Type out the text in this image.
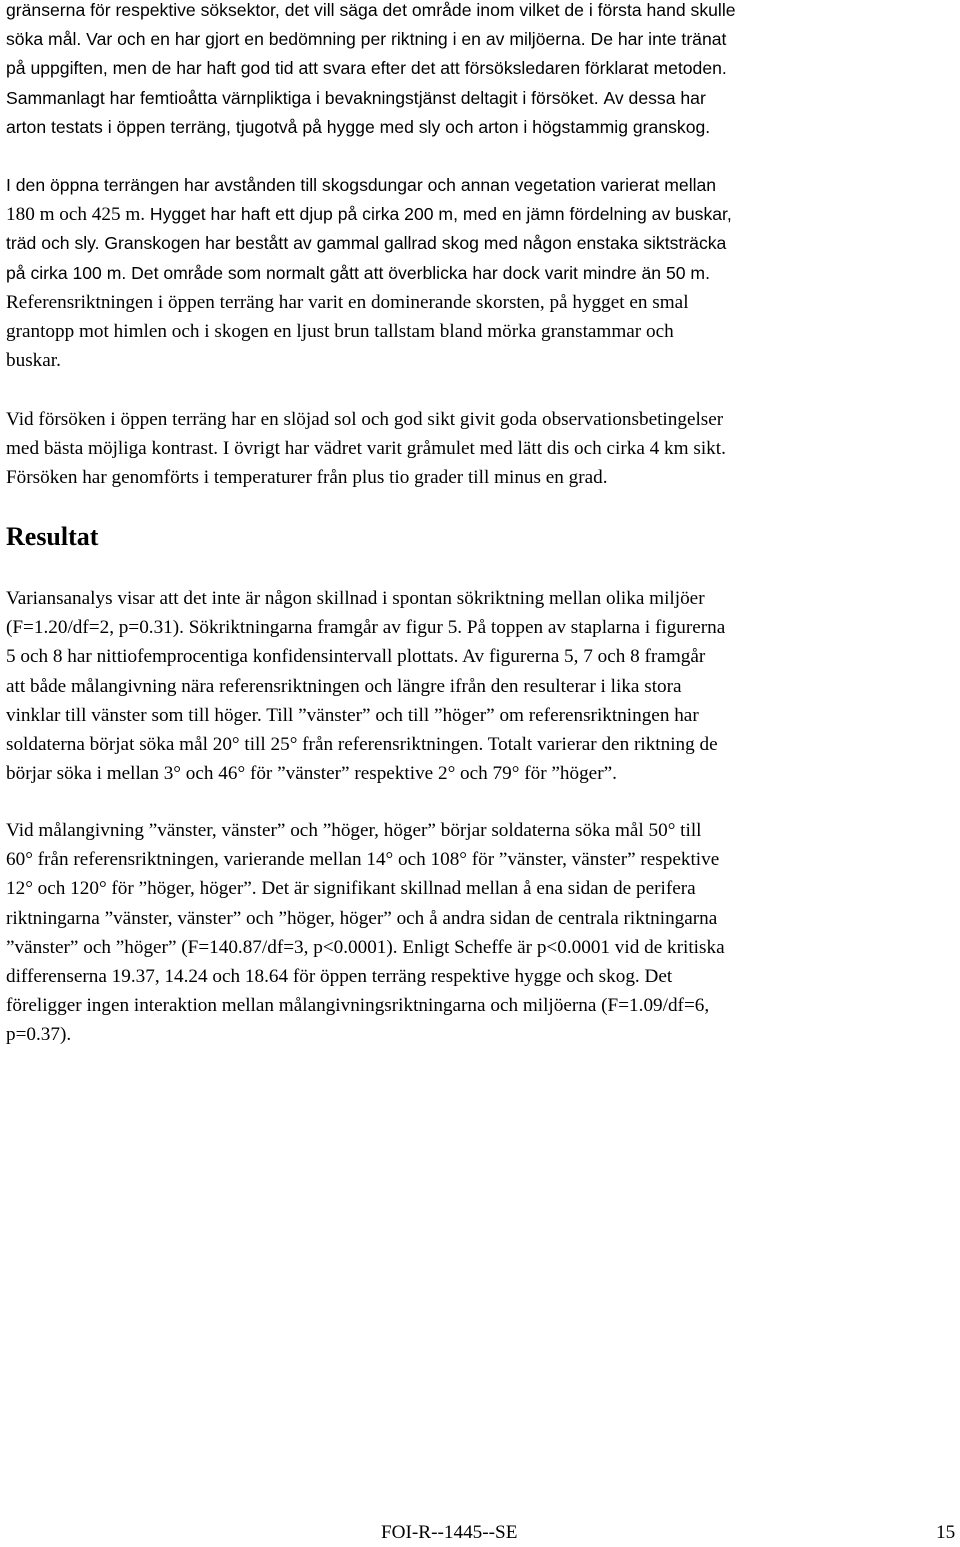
gränserna för respektive söksektor, det vill säga det område inom vilket de i första hand skulle
söka mål. Var och en har gjort en bedömning per riktning i en av miljöerna. De har inte tränat
på uppgiften, men de har haft god tid att svara efter det att försöksledaren förklarat metoden.
Sammanlagt har femtioåtta värnpliktiga i bevakningstjänst deltagit i försöket. Av dessa har
arton testats i öppen terräng, tjugotvå på hygge med sly och arton i högstammig granskog.
I den öppna terrängen har avstånden till skogsdungar och annan vegetation varierat mellan
180 m och 425 m. Hygget har haft ett djup på cirka 200 m, med en jämn fördelning av buskar,
träd och sly. Granskogen har bestått av gammal gallrad skog med någon enstaka siktsträcka
på cirka 100 m. Det område som normalt gått att överblicka har dock varit mindre än 50 m.
Referensriktningen i öppen terräng har varit en dominerande skorsten, på hygget en smal
grantopp mot himlen och i skogen en ljust brun tallstam bland mörka granstammar och
buskar.
Vid försöken i öppen terräng har en slöjad sol och god sikt givit goda observationsbetingelser
med bästa möjliga kontrast. I övrigt har vädret varit gråmulet med lätt dis och cirka 4 km sikt.
Försöken har genomförts i temperaturer från plus tio grader till minus en grad.
Resultat
Variansanalys visar att det inte är någon skillnad i spontan sökriktning mellan olika miljöer
(F=1.20/df=2, p=0.31). Sökriktningarna framgår av figur 5. På toppen av staplarna i figurerna
5 och 8 har nittiofemprocentiga konfidensintervall plottats. Av figurerna 5, 7 och 8 framgår
att både målangivning nära referensriktningen och längre ifrån den resulterar i lika stora
vinklar till vänster som till höger. Till ”vänster” och till ”höger” om referensriktningen har
soldaterna börjat söka mål 20° till 25° från referensriktningen. Totalt varierar den riktning de
börjar söka i mellan 3° och 46° för ”vänster” respektive 2° och 79° för ”höger”.
Vid målangivning ”vänster, vänster” och ”höger, höger” börjar soldaterna söka mål 50° till
60° från referensriktningen, varierande mellan 14° och 108° för ”vänster, vänster” respektive
12° och 120° för ”höger, höger”. Det är signifikant skillnad mellan å ena sidan de perifera
riktningarna ”vänster, vänster” och ”höger, höger” och å andra sidan de centrala riktningarna
”vänster” och ”höger” (F=140.87/df=3, p<0.0001). Enligt Scheffe är p<0.0001 vid de kritiska
differenserna 19.37, 14.24 och 18.64 för öppen terräng respektive hygge och skog. Det
föreligger ingen interaktion mellan målangivningsriktningarna och miljöerna (F=1.09/df=6,
p=0.37).
FOI-R--1445--SE	15
